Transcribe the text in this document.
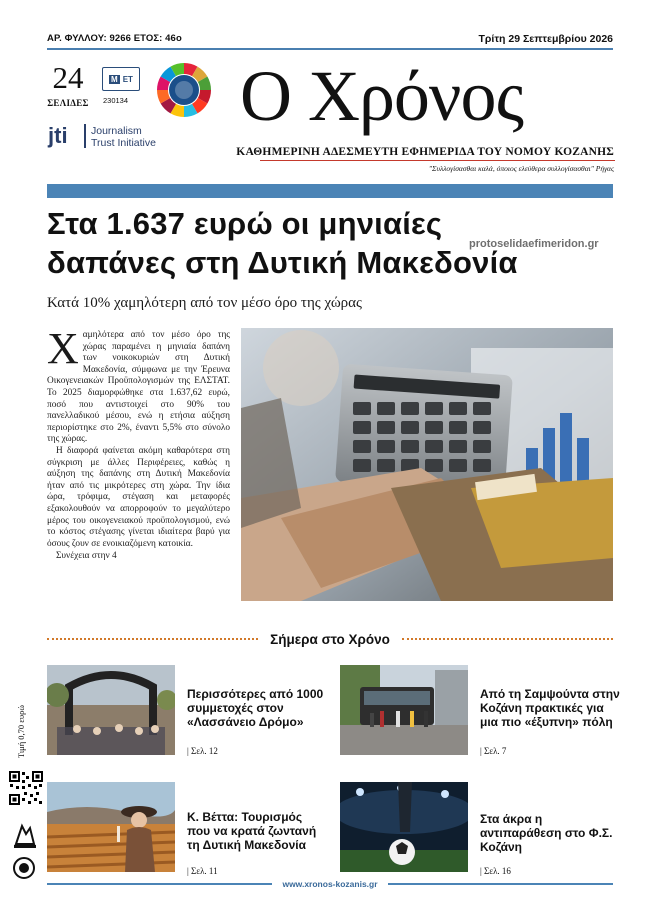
ΑΡ. ΦΥΛΛΟΥ: 9266 ΕΤΟΣ: 46ο	Τρίτη 29 Σεπτεμβρίου 2026
24
ΣΕΛΙΔΕΣ
Μ ΕΤ
230134
jti	Journalism
Trust Initiative
Ο Χρόνος
ΚΑΘΗΜΕΡΙΝΗ ΑΔΕΣΜΕΥΤΗ ΕΦΗΜΕΡΙΔΑ ΤΟΥ ΝΟΜΟΥ ΚΟΖΑΝΗΣ
"Συλλογίσασθαι καλά, όποιος ελεύθερα συλλογίσασθαι" Ρήγας
Στα 1.637 ευρώ οι μηνιαίες
δαπάνες στη Δυτική Μακεδονία
protoselidaefimeridon.gr
Κατά 10% χαμηλότερη από τον μέσο όρο της χώρας

Χαμηλότερα από τον μέσο όρο της χώρας παραμένει η μηνιαία δαπάνη των νοικοκυριών στη Δυτική Μακεδονία, σύμφωνα με την Έρευνα Οικογενειακών Προϋπολογισμών της ΕΛΣΤΑΤ. Το 2025 διαμορφώθηκε στα 1.637,62 ευρώ, ποσό που αντιστοιχεί στο 90% του πανελλαδικού μέσου, ενώ η ετήσια αύξηση περιορίστηκε στο 2%, έναντι 5,5% στο σύνολο της χώρας.

Η διαφορά φαίνεται ακόμη καθαρότερα στη σύγκριση με άλλες Περιφέρειες, καθώς η αύξηση της δαπάνης στη Δυτική Μακεδονία ήταν από τις μικρότερες στη χώρα. Την ίδια ώρα, τρόφιμα, στέγαση και μεταφορές εξακολουθούν να απορροφούν το μεγαλύτερο μέρος του οικογενειακού προϋπολογισμού, ενώ το κόστος στέγασης γίνεται ιδιαίτερα βαρύ για όσους ζουν σε ενοικιαζόμενη κατοικία.

Συνέχεια στην 4
Σήμερα στο Χρόνο
Περισσότερες από 1000 συμμετοχές στον «Λασσάνειο Δρόμο»
| Σελ. 12
Από τη Σαμψούντα στην Κοζάνη πρακτικές για μια πιο «έξυπνη» πόλη
| Σελ. 7
Κ. Βέττα: Τουρισμός που να κρατά ζωντανή τη Δυτική Μακεδονία
| Σελ. 11
Στα άκρα η αντιπαράθεση στο Φ.Σ. Κοζάνη
| Σελ. 16
Τιμή 0,70 ευρώ
www.xronos-kozanis.gr
